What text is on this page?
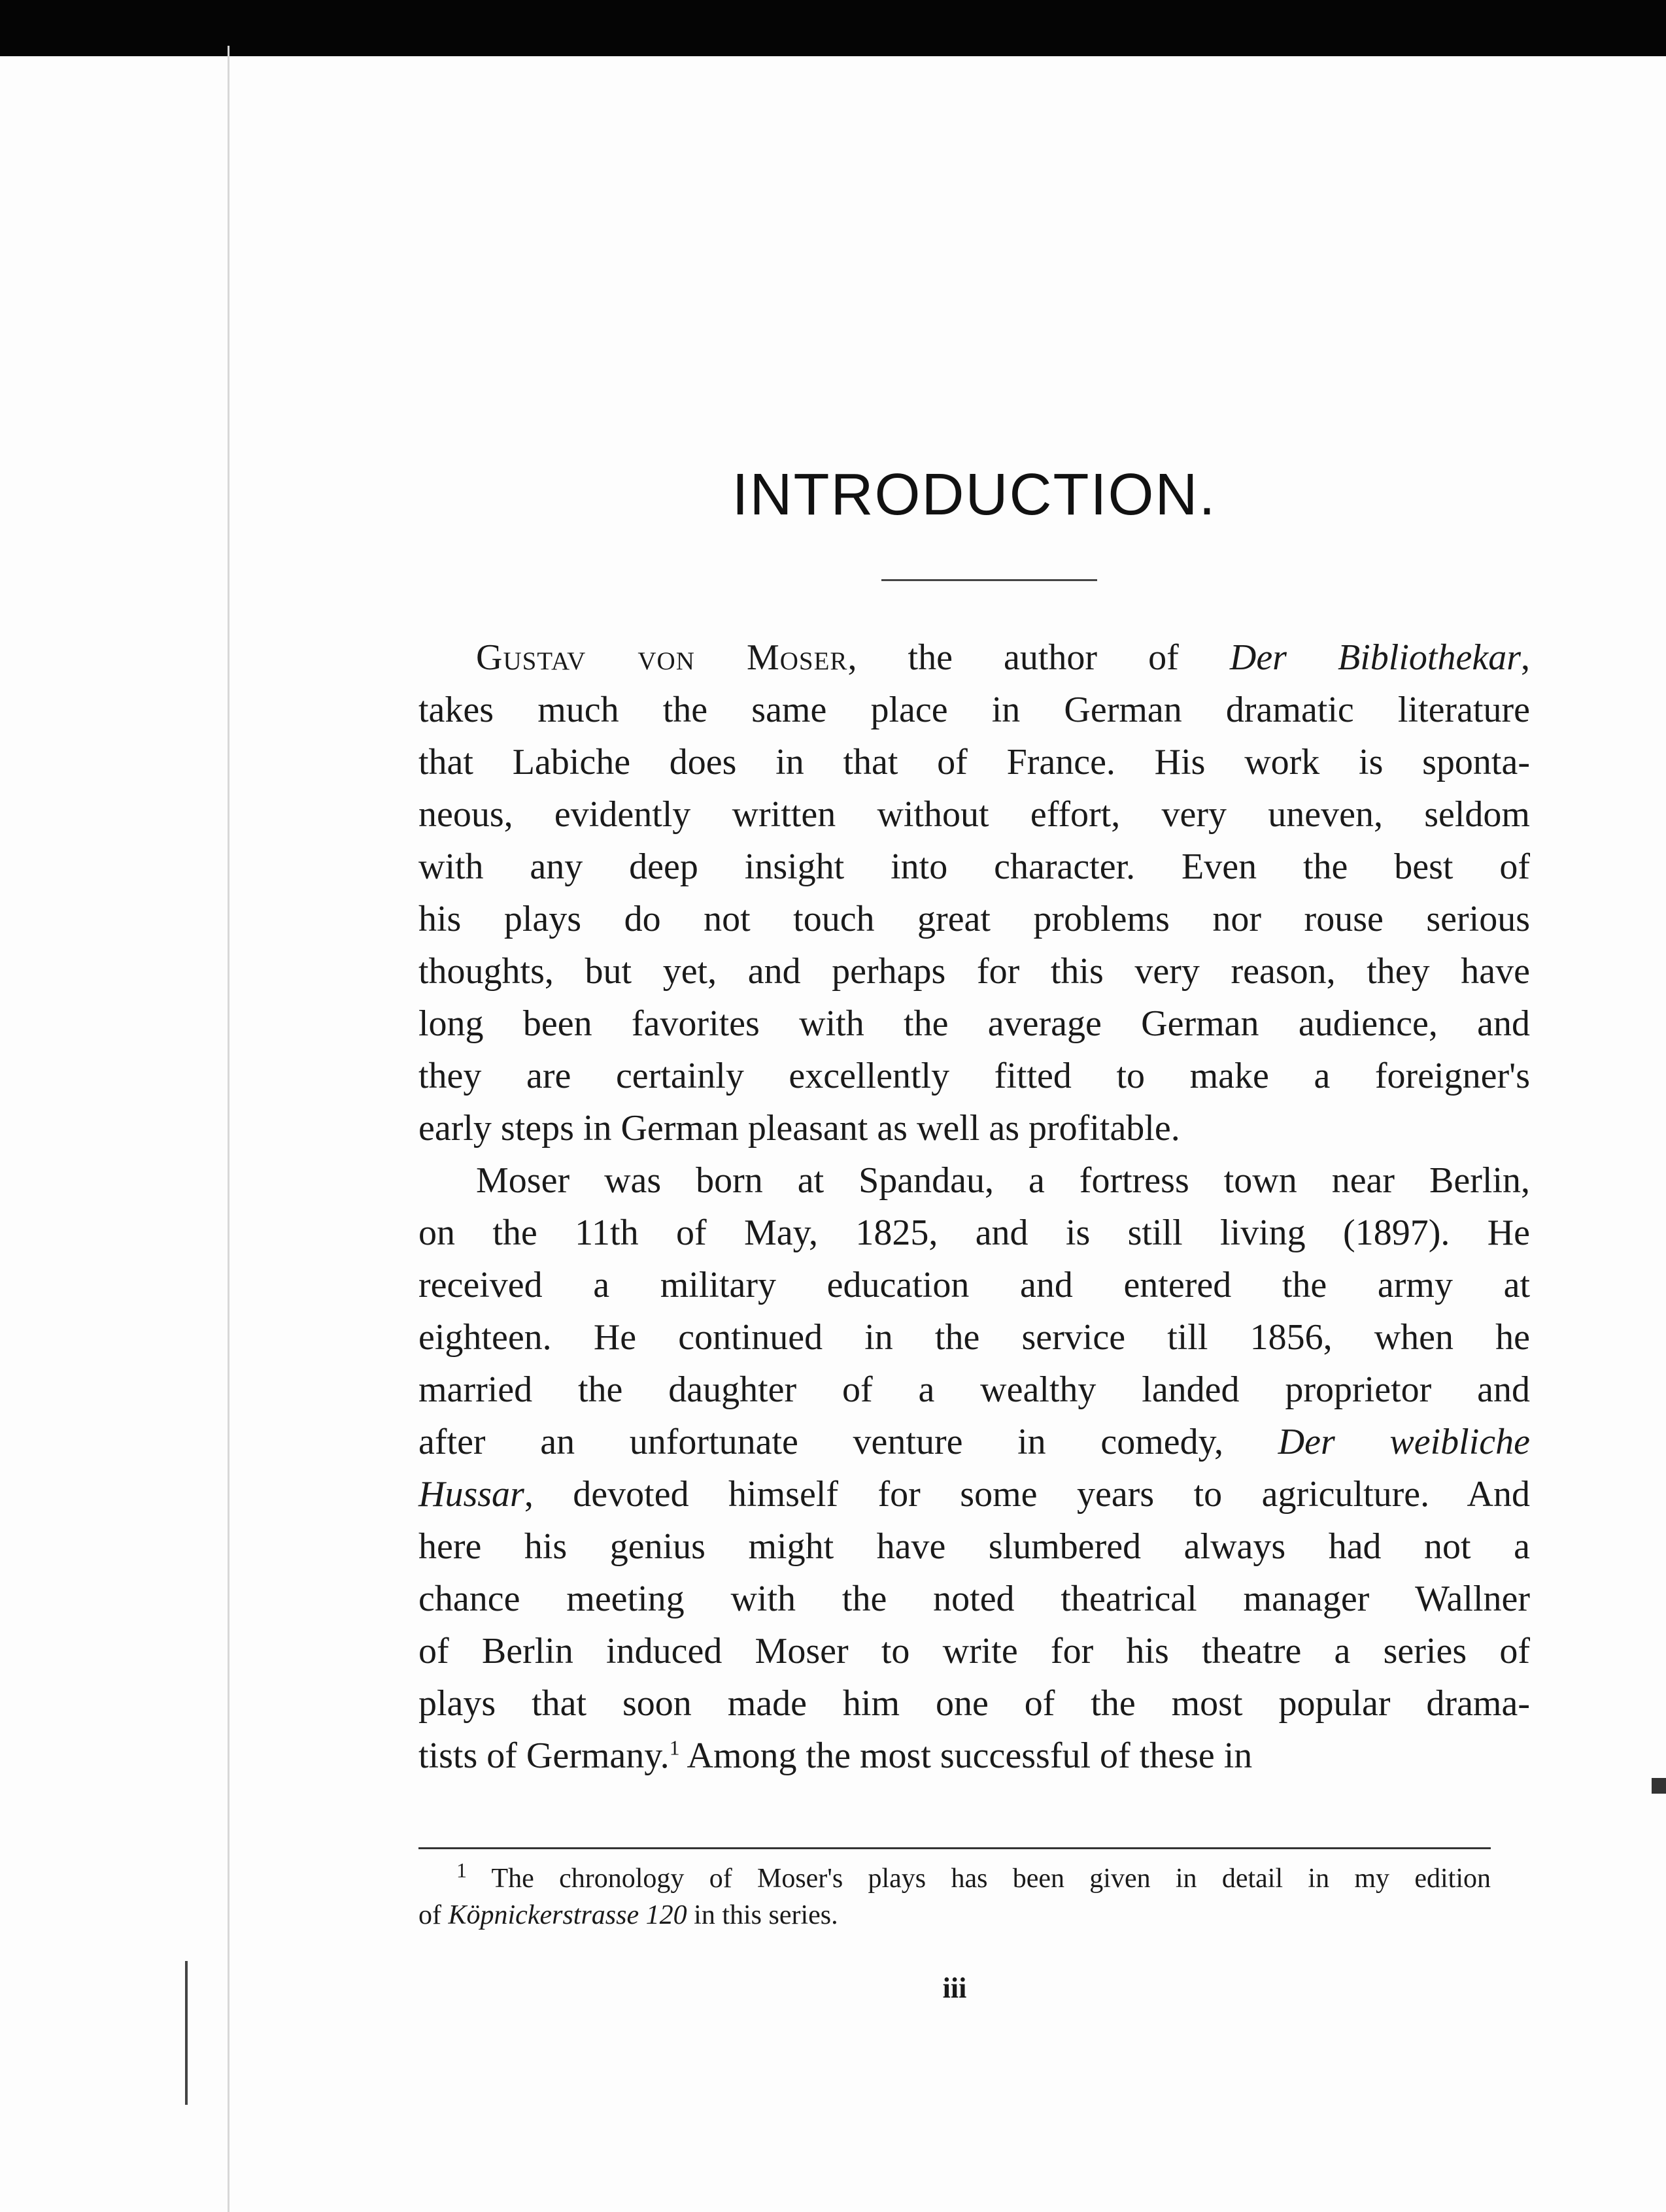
INTRODUCTION.
Gustav von Moser, the author of Der Bibliothekar,
takes much the same place in German dramatic literature
that Labiche does in that of France. His work is sponta-
neous, evidently written without effort, very uneven, seldom
with any deep insight into character. Even the best of
his plays do not touch great problems nor rouse serious
thoughts, but yet, and perhaps for this very reason, they have
long been favorites with the average German audience, and
they are certainly excellently fitted to make a foreigner's
early steps in German pleasant as well as profitable.
Moser was born at Spandau, a fortress town near Berlin,
on the 11th of May, 1825, and is still living (1897). He
received a military education and entered the army at
eighteen. He continued in the service till 1856, when he
married the daughter of a wealthy landed proprietor and
after an unfortunate venture in comedy, Der weibliche
Hussar, devoted himself for some years to agriculture. And
here his genius might have slumbered always had not a
chance meeting with the noted theatrical manager Wallner
of Berlin induced Moser to write for his theatre a series of
plays that soon made him one of the most popular drama-
tists of Germany.$^1$ Among the most successful of these in
$^1$ The chronology of Moser's plays has been given in detail in my edition
of Köpnickerstrasse 120 in this series.
iii
